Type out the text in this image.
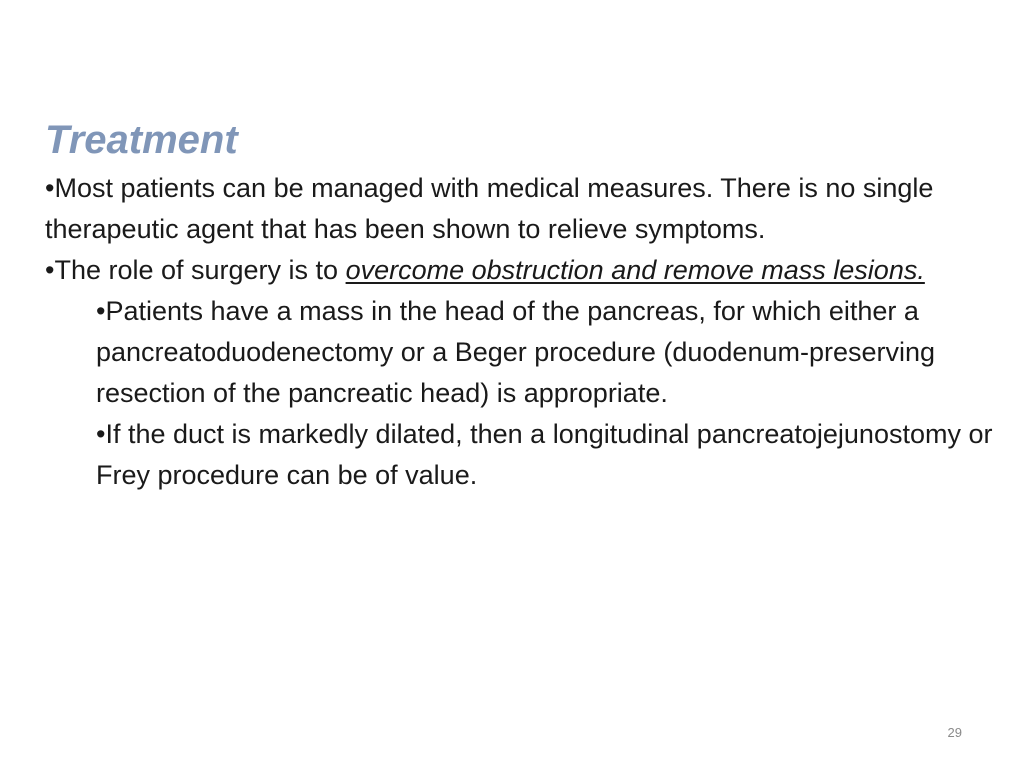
Treatment

•Most patients can be managed with medical measures. There is no single therapeutic agent that has been shown to relieve symptoms.

•The role of surgery is to overcome obstruction and remove mass lesions.

•Patients have a mass in the head of the pancreas, for which either a pancreatoduodenectomy or a Beger procedure (duodenum-preserving resection of the pancreatic head) is appropriate.

•If the duct is markedly dilated, then a longitudinal pancreatojejunostomy or Frey procedure can be of value.

29
